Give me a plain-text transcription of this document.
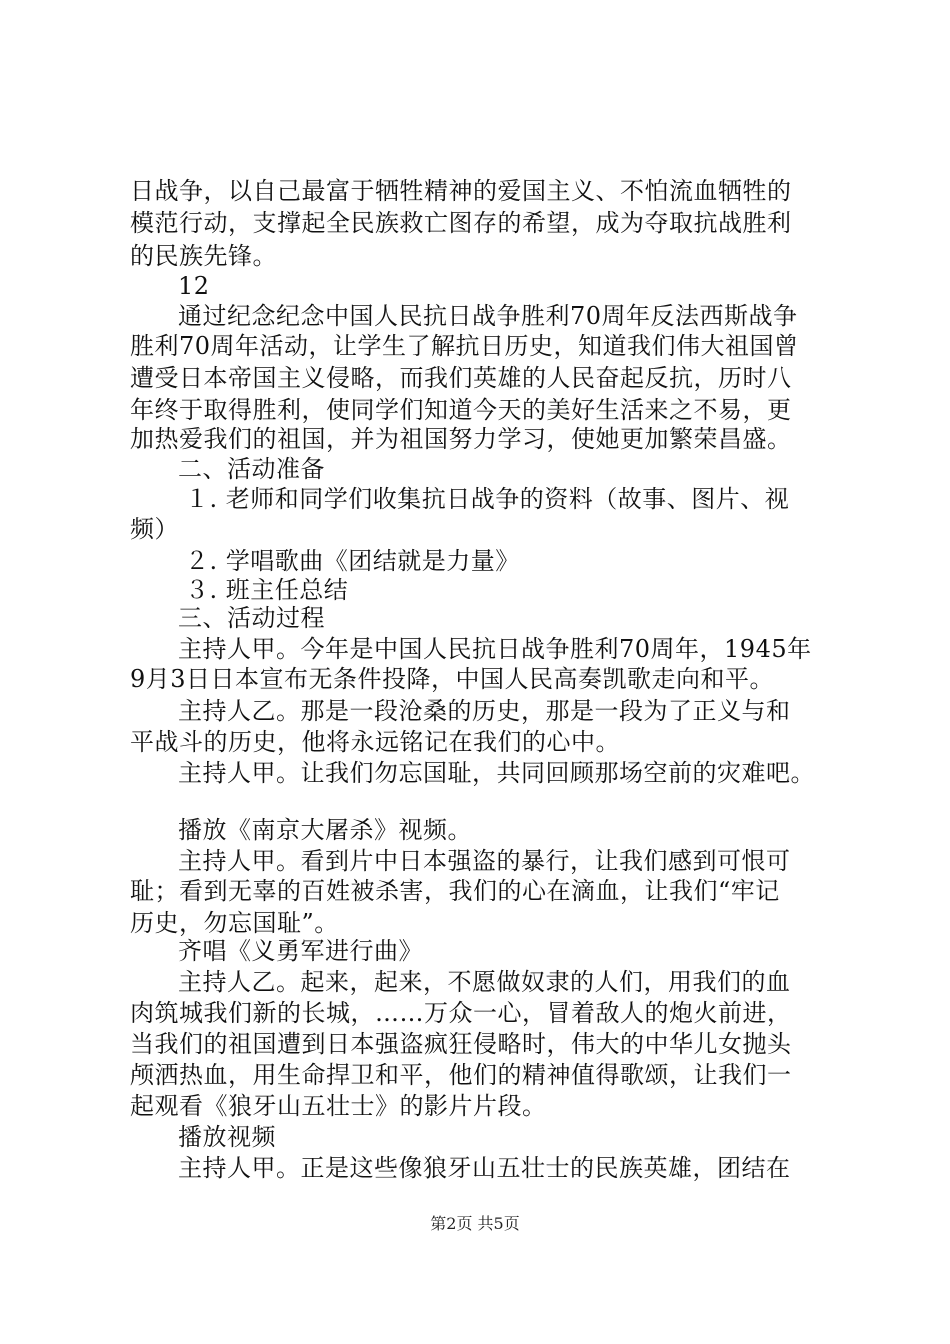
日战争，以自己最富于牺牲精神的爱国主义、不怕流血牺牲的
模范行动，支撑起全民族救亡图存的希望，成为夺取抗战胜利
的民族先锋。
12
通过纪念纪念中国人民抗日战争胜利70周年反法西斯战争
胜利70周年活动，让学生了解抗日历史，知道我们伟大祖国曾
遭受日本帝国主义侵略，而我们英雄的人民奋起反抗，历时八
年终于取得胜利，使同学们知道今天的美好生活来之不易，更
加热爱我们的祖国，并为祖国努力学习，使她更加繁荣昌盛。
二、活动准备
１. 老师和同学们收集抗日战争的资料（故事、图片、视
频）
２. 学唱歌曲《团结就是力量》
３. 班主任总结
三、活动过程
主持人甲。今年是中国人民抗日战争胜利70周年，1945年
9月3日日本宣布无条件投降，中国人民高奏凯歌走向和平。
主持人乙。那是一段沧桑的历史，那是一段为了正义与和
平战斗的历史，他将永远铭记在我们的心中。
主持人甲。让我们勿忘国耻，共同回顾那场空前的灾难吧。
播放《南京大屠杀》视频。
主持人甲。看到片中日本强盗的暴行，让我们感到可恨可
耻；看到无辜的百姓被杀害，我们的心在滴血，让我们“牢记
历史，勿忘国耻”。
齐唱《义勇军进行曲》
主持人乙。起来，起来，不愿做奴隶的人们，用我们的血
肉筑城我们新的长城，……万众一心，冒着敌人的炮火前进，
当我们的祖国遭到日本强盗疯狂侵略时，伟大的中华儿女抛头
颅洒热血，用生命捍卫和平，他们的精神值得歌颂，让我们一
起观看《狼牙山五壮士》的影片片段。
播放视频
主持人甲。正是这些像狼牙山五壮士的民族英雄，团结在
第2页 共5页
